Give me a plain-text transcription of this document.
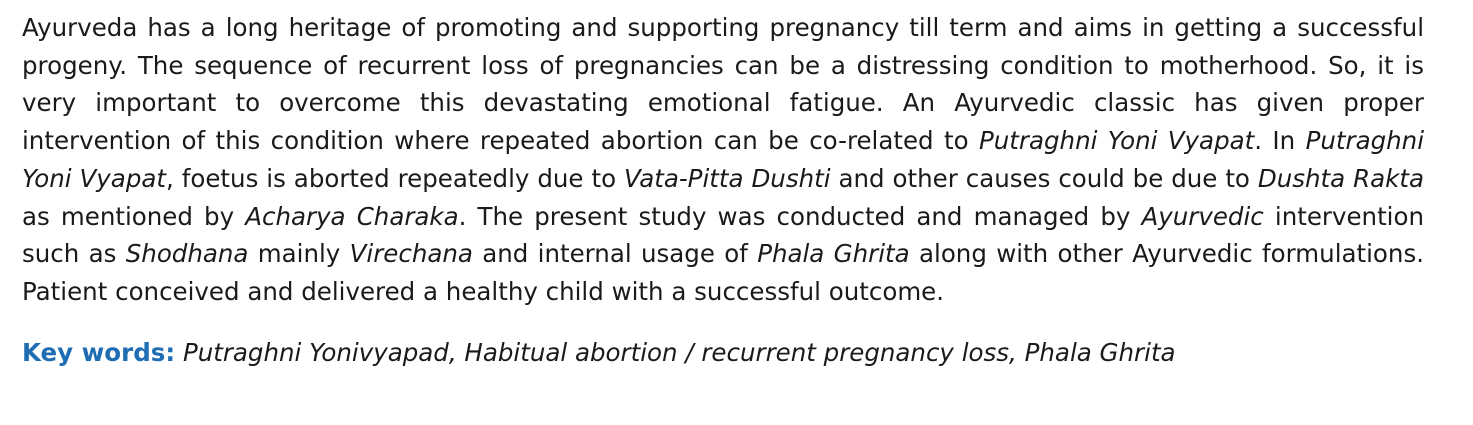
Ayurveda has a long heritage of promoting and supporting pregnancy till term and aims in getting a successful progeny. The sequence of recurrent loss of pregnancies can be a distressing condition to motherhood. So, it is very important to overcome this devastating emotional fatigue. An Ayurvedic classic has given proper intervention of this condition where repeated abortion can be co-related to Putraghni Yoni Vyapat. In Putraghni Yoni Vyapat, foetus is aborted repeatedly due to Vata-Pitta Dushti and other causes could be due to Dushta Rakta as mentioned by Acharya Charaka. The present study was conducted and managed by Ayurvedic intervention such as Shodhana mainly Virechana and internal usage of Phala Ghrita along with other Ayurvedic formulations. Patient conceived and delivered a healthy child with a successful outcome.

Key words: Putraghni Yonivyapad, Habitual abortion / recurrent pregnancy loss, Phala Ghrita
